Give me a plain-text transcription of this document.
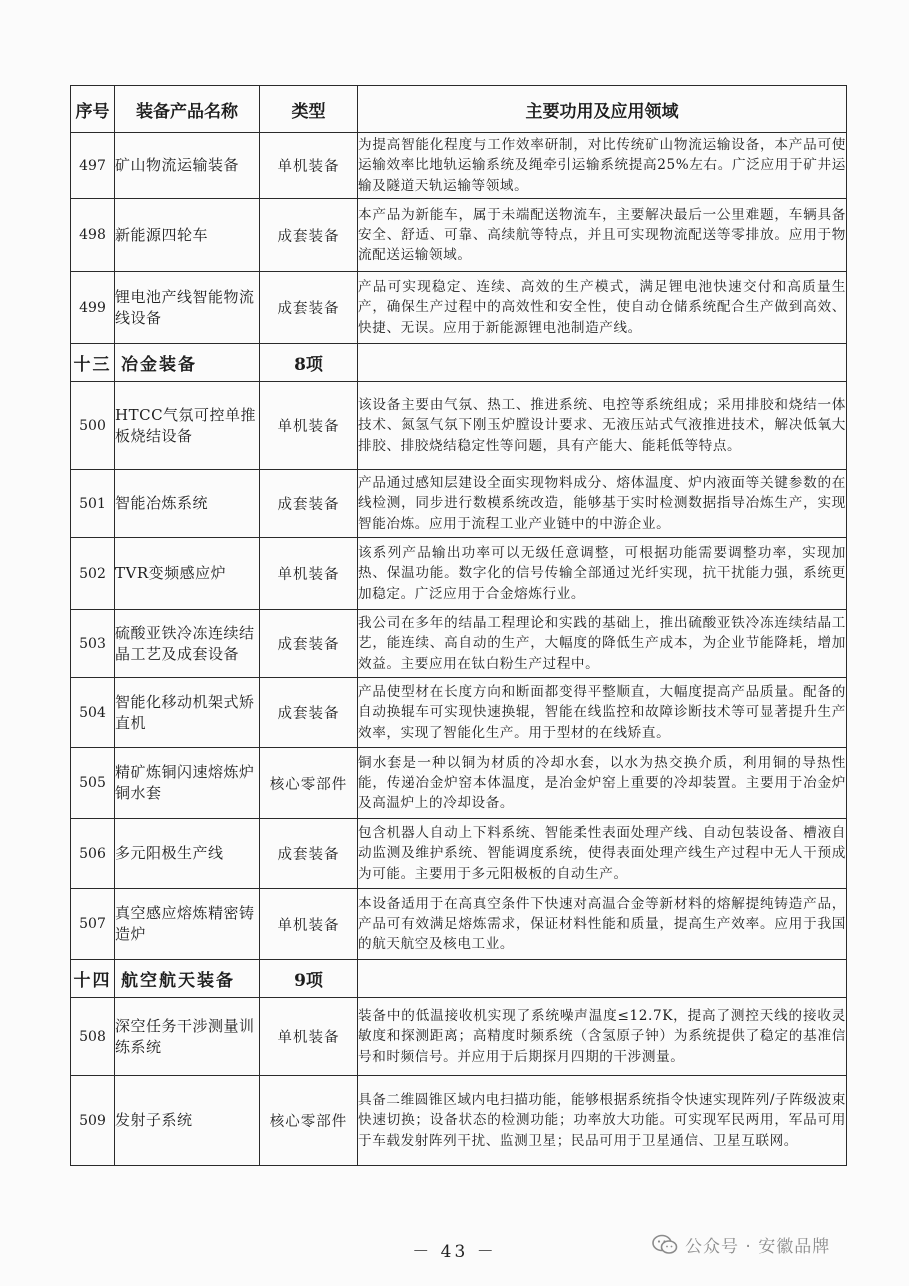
序号	装备产品名称	类型	主要功用及应用领域
497	矿山物流运输装备	单机装备	为提高智能化程度与工作效率研制，对比传统矿山物流运输设备，本产品可使运输效率比地轨运输系统及绳牵引运输系统提高25%左右。广泛应用于矿井运输及隧道天轨运输等领域。
498	新能源四轮车	成套装备	本产品为新能车，属于未端配送物流车，主要解决最后一公里难题，车辆具备安全、舒适、可靠、高续航等特点，并且可实现物流配送等零排放。应用于物流配送运输领域。
499	锂电池产线智能物流线设备	成套装备	产品可实现稳定、连续、高效的生产模式，满足锂电池快速交付和高质量生产，确保生产过程中的高效性和安全性，使自动仓储系统配合生产做到高效、快捷、无误。应用于新能源锂电池制造产线。
十三	冶金装备	8项	
500	HTCC气氛可控单推板烧结设备	单机装备	该设备主要由气氛、热工、推进系统、电控等系统组成；采用排胶和烧结一体技术、氮氢气氛下刚玉炉膛设计要求、无液压站式气液推进技术，解决低氧大排胶、排胶烧结稳定性等问题，具有产能大、能耗低等特点。
501	智能冶炼系统	成套装备	产品通过感知层建设全面实现物料成分、熔体温度、炉内液面等关键参数的在线检测，同步进行数模系统改造，能够基于实时检测数据指导冶炼生产，实现智能冶炼。应用于流程工业产业链中的中游企业。
502	TVR变频感应炉	单机装备	该系列产品输出功率可以无级任意调整，可根据功能需要调整功率，实现加热、保温功能。数字化的信号传输全部通过光纤实现，抗干扰能力强，系统更加稳定。广泛应用于合金熔炼行业。
503	硫酸亚铁冷冻连续结晶工艺及成套设备	成套装备	我公司在多年的结晶工程理论和实践的基础上，推出硫酸亚铁冷冻连续结晶工艺，能连续、高自动的生产，大幅度的降低生产成本，为企业节能降耗，增加效益。主要应用在钛白粉生产过程中。
504	智能化移动机架式矫直机	成套装备	产品使型材在长度方向和断面都变得平整顺直，大幅度提高产品质量。配备的自动换辊车可实现快速换辊，智能在线监控和故障诊断技术等可显著提升生产效率，实现了智能化生产。用于型材的在线矫直。
505	精矿炼铜闪速熔炼炉铜水套	核心零部件	铜水套是一种以铜为材质的冷却水套，以水为热交换介质，利用铜的导热性能，传递冶金炉窑本体温度，是冶金炉窑上重要的冷却装置。主要用于冶金炉及高温炉上的冷却设备。
506	多元阳极生产线	成套装备	包含机器人自动上下料系统、智能柔性表面处理产线、自动包装设备、槽液自动监测及维护系统、智能调度系统，使得表面处理产线生产过程中无人干预成为可能。主要用于多元阳极板的自动生产。
507	真空感应熔炼精密铸造炉	单机装备	本设备适用于在高真空条件下快速对高温合金等新材料的熔解提纯铸造产品，产品可有效满足熔炼需求，保证材料性能和质量，提高生产效率。应用于我国的航天航空及核电工业。
十四	航空航天装备	9项	
508	深空任务干涉测量训练系统	单机装备	装备中的低温接收机实现了系统噪声温度≤12.7K，提高了测控天线的接收灵敏度和探测距离；高精度时频系统（含氢原子钟）为系统提供了稳定的基准信号和时频信号。并应用于后期探月四期的干涉测量。
509	发射子系统	核心零部件	具备二维圆锥区域内电扫描功能，能够根据系统指令快速实现阵列/子阵级波束快速切换；设备状态的检测功能；功率放大功能。可实现军民两用，军品可用于车载发射阵列干扰、监测卫星；民品可用于卫星通信、卫星互联网。
－ 43 －	公众号 · 安徽品牌
